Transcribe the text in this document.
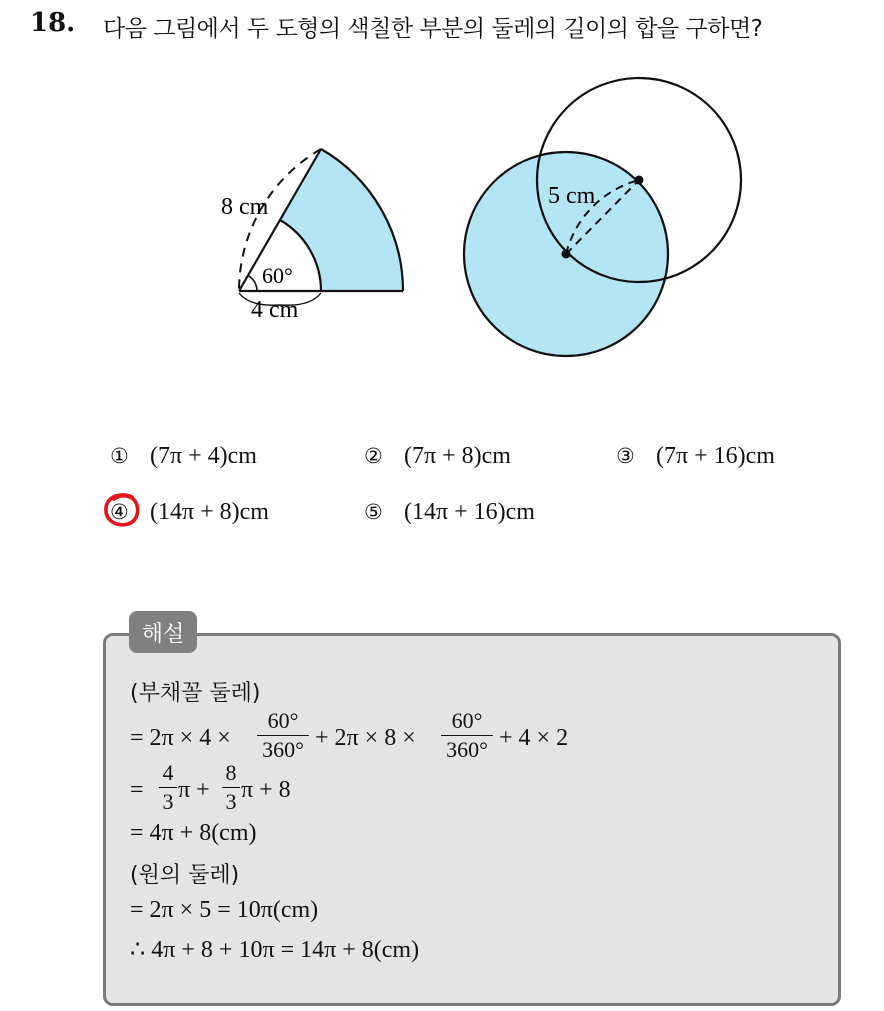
18. 다음 그림에서 두 도형의 색칠한 부분의 둘레의 길이의 합을 구하면?
8 cm
60°
4 cm
5 cm
① (7π + 4)cm	② (7π + 8)cm	③ (7π + 16)cm
④ (14π + 8)cm	⑤ (14π + 16)cm
해설
(부채꼴 둘레)
= 2π × 4 ×
60°
360° + 2π × 8 ×
60°
360° + 4 × 2
=
4
3 π +
8
3 π + 8
= 4π + 8(cm)
(원의 둘레)
= 2π × 5 = 10π(cm)
∴ 4π + 8 + 10π = 14π + 8(cm)
